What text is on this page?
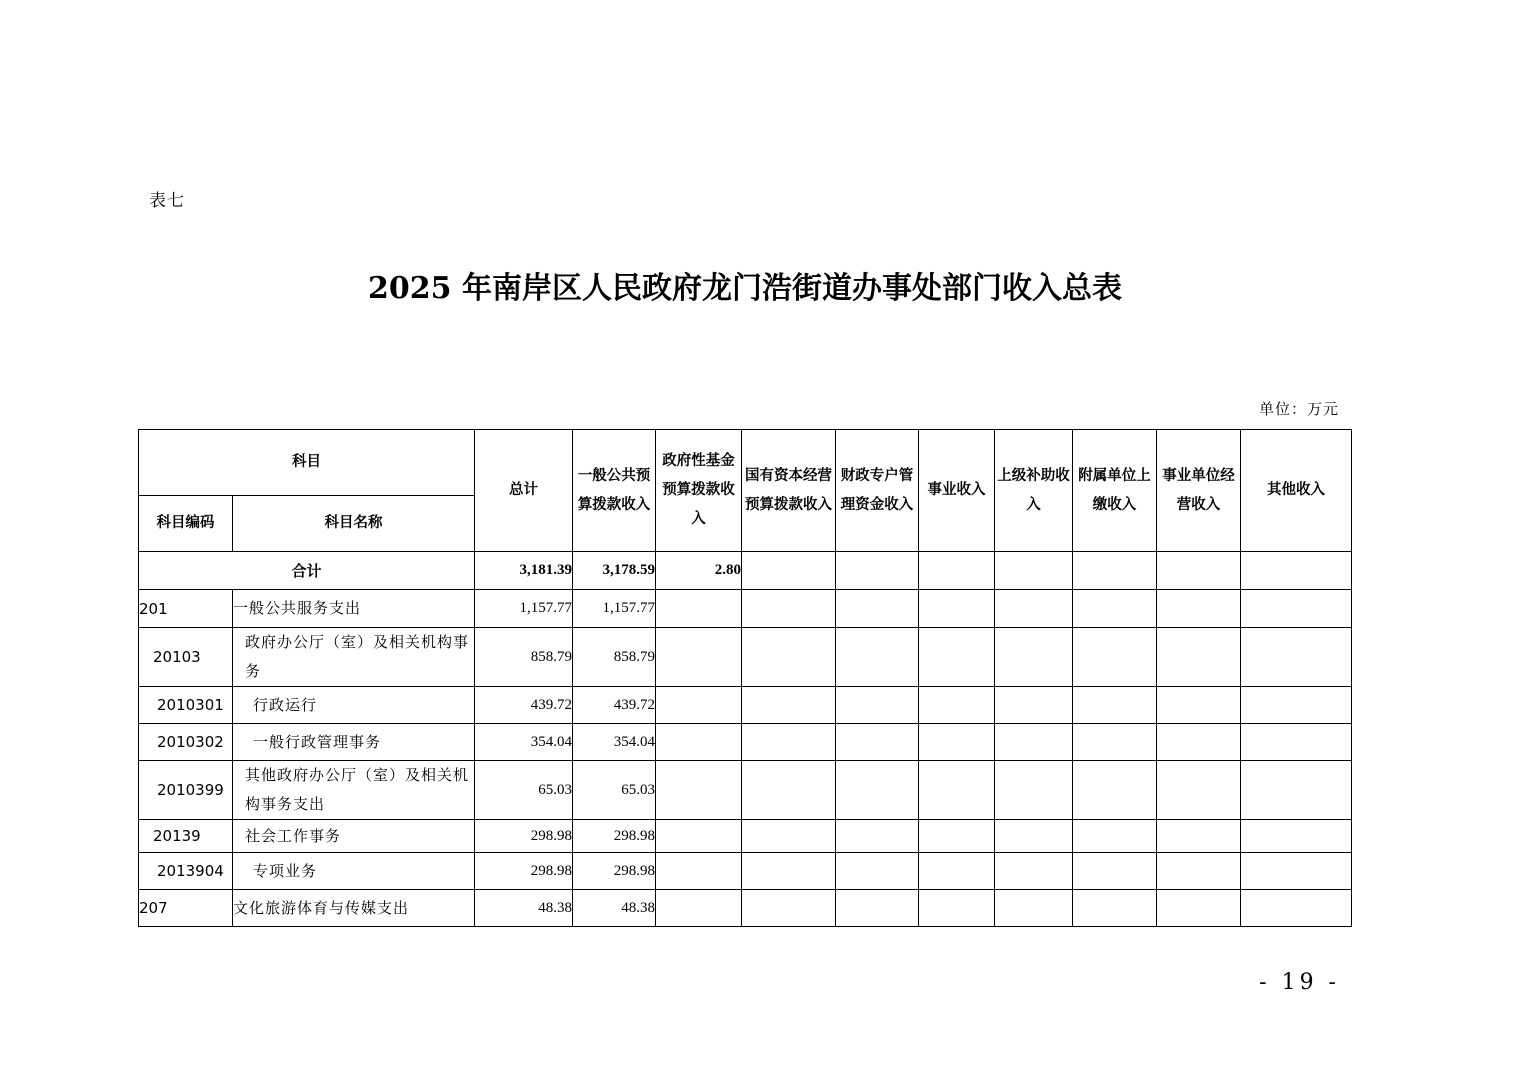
表七
2025 年南岸区人民政府龙门浩街道办事处部门收入总表
单位：万元
科目		总计	一般公共预算拨款收入	政府性基金预算拨款收入	国有资本经营预算拨款收入	财政专户管理资金收入	事业收入	上级补助收入	附属单位上缴收入	事业单位经营收入	其他收入
科目编码	科目名称										
合计		3,181.39	3,178.59	2.80							
201	一般公共服务支出	1,157.77	1,157.77								
20103	政府办公厅（室）及相关机构事务	858.79	858.79								
2010301	行政运行	439.72	439.72								
2010302	一般行政管理事务	354.04	354.04								
2010399	其他政府办公厅（室）及相关机构事务支出	65.03	65.03								
20139	社会工作事务	298.98	298.98								
2013904	专项业务	298.98	298.98								
207	文化旅游体育与传媒支出	48.38	48.38								
- 19 -
